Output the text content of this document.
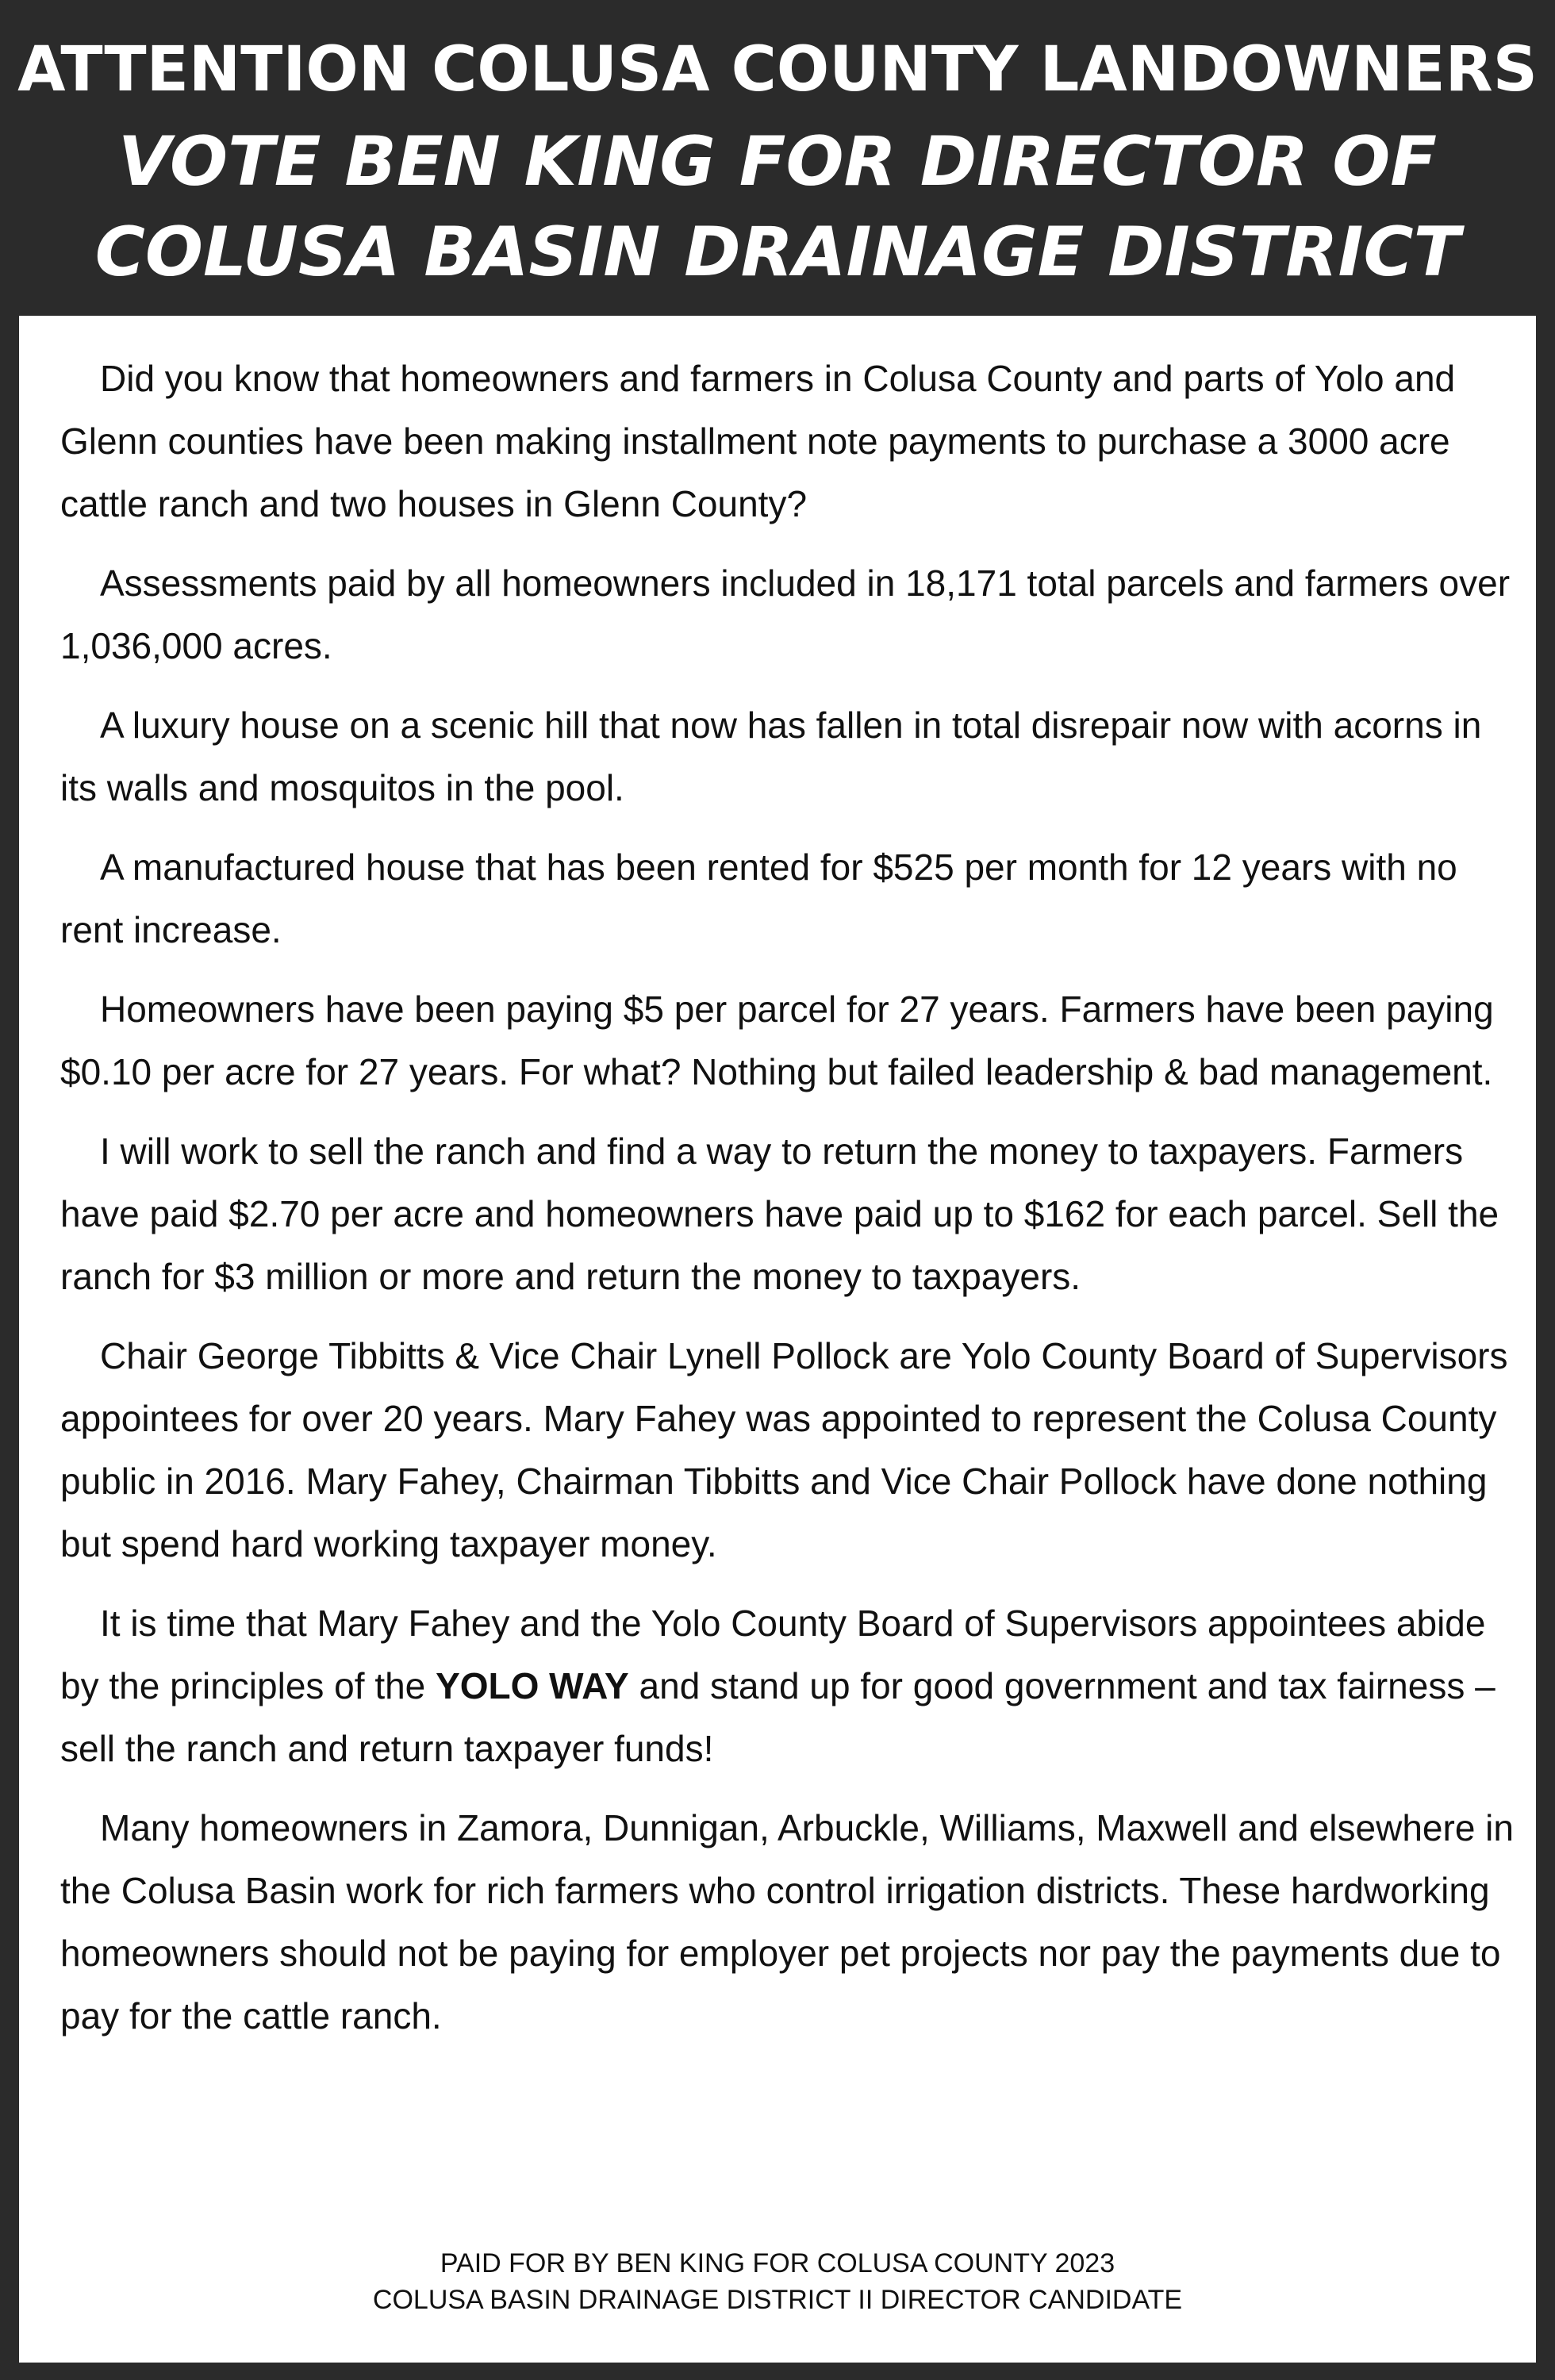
ATTENTION COLUSA COUNTY LANDOWNERS
VOTE BEN KING FOR DIRECTOR OF
COLUSA BASIN DRAINAGE DISTRICT

Did you know that homeowners and farmers in Colusa County and parts of Yolo and Glenn counties have been making installment note payments to purchase a 3000 acre cattle ranch and two houses in Glenn County?

Assessments paid by all homeowners included in 18,171 total parcels and farmers over 1,036,000 acres.

A luxury house on a scenic hill that now has fallen in total disrepair now with acorns in its walls and mosquitos in the pool.

A manufactured house that has been rented for $525 per month for 12 years with no rent increase.

Homeowners have been paying $5 per parcel for 27 years. Farmers have been paying $0.10 per acre for 27 years. For what? Nothing but failed leadership & bad management.

I will work to sell the ranch and find a way to return the money to taxpayers. Farmers have paid $2.70 per acre and homeowners have paid up to $162 for each parcel. Sell the ranch for $3 million or more and return the money to taxpayers.

Chair George Tibbitts & Vice Chair Lynell Pollock are Yolo County Board of Supervisors appointees for over 20 years. Mary Fahey was appointed to represent the Colusa County public in 2016. Mary Fahey, Chairman Tibbitts and Vice Chair Pollock have done nothing but spend hard working taxpayer money.

It is time that Mary Fahey and the Yolo County Board of Supervisors appointees abide by the principles of the YOLO WAY and stand up for good government and tax fairness – sell the ranch and return taxpayer funds!

Many homeowners in Zamora, Dunnigan, Arbuckle, Williams, Maxwell and elsewhere in the Colusa Basin work for rich farmers who control irrigation districts. These hardworking homeowners should not be paying for employer pet projects nor pay the payments due to pay for the cattle ranch.

PAID FOR BY BEN KING FOR COLUSA COUNTY 2023
COLUSA BASIN DRAINAGE DISTRICT II DIRECTOR CANDIDATE
